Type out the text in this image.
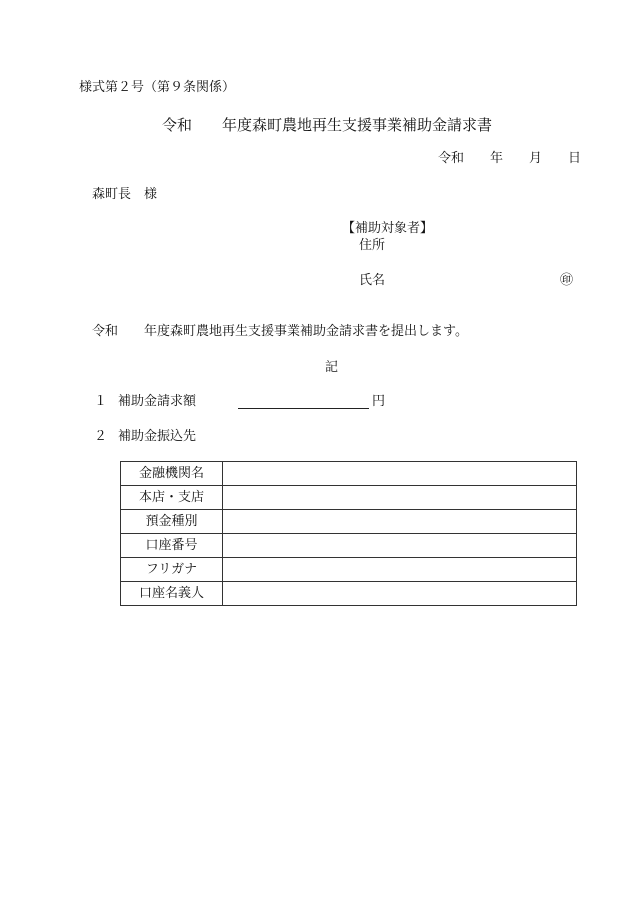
様式第２号（第９条関係）
令和　　年度森町農地再生支援事業補助金請求書
令和　　年　　月　　日
森町長　様
【補助対象者】
住所
氏名	㊞
令和　　年度森町農地再生支援事業補助金請求書を提出します。
記
１ 補助金請求額	円
２ 補助金振込先
金融機関名	
本店・支店	
預金種別	
口座番号	
フリガナ	
口座名義人	
